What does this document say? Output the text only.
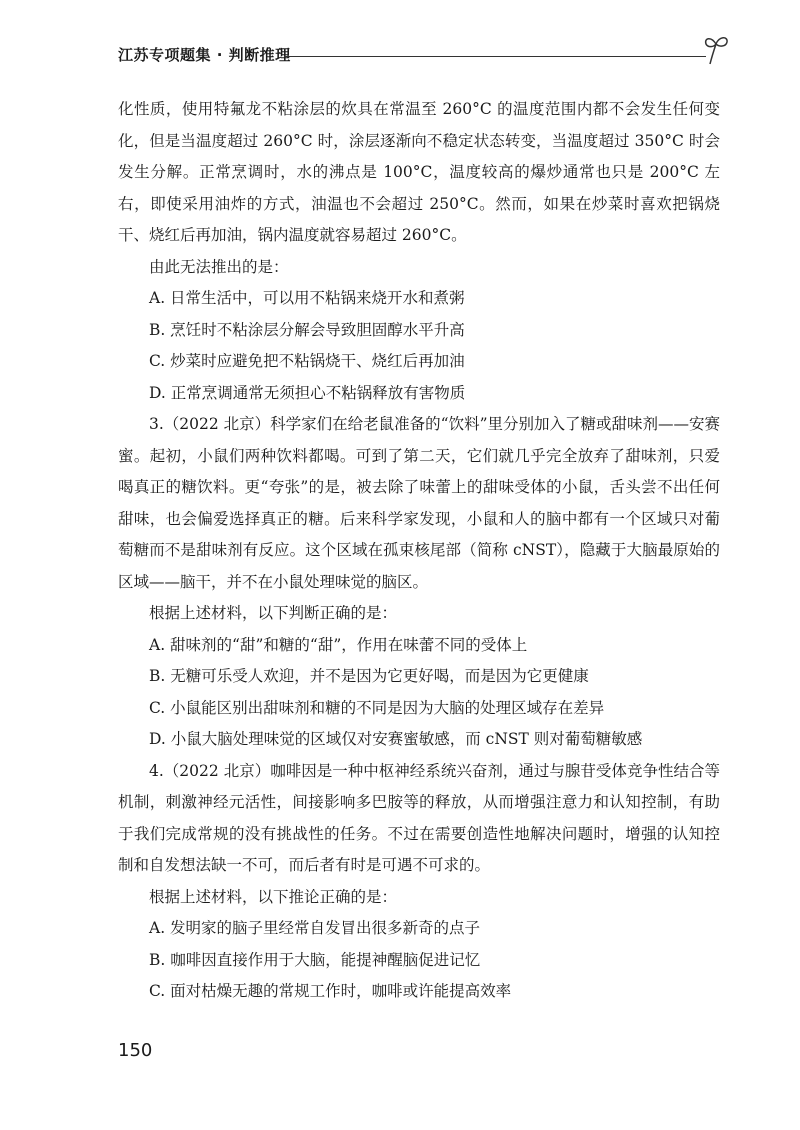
江苏专项题集 · 判断推理

化性质，使用特氟龙不粘涂层的炊具在常温至 260°C 的温度范围内都不会发生任何变化，但是当温度超过 260°C 时，涂层逐渐向不稳定状态转变，当温度超过 350°C 时会发生分解。正常烹调时，水的沸点是 100°C，温度较高的爆炒通常也只是 200°C 左右，即使采用油炸的方式，油温也不会超过 250°C。然而，如果在炒菜时喜欢把锅烧干、烧红后再加油，锅内温度就容易超过 260°C。

由此无法推出的是：

A. 日常生活中，可以用不粘锅来烧开水和煮粥

B. 烹饪时不粘涂层分解会导致胆固醇水平升高

C. 炒菜时应避免把不粘锅烧干、烧红后再加油

D. 正常烹调通常无须担心不粘锅释放有害物质

3.（2022 北京）科学家们在给老鼠准备的“饮料”里分别加入了糖或甜味剂——安赛蜜。起初，小鼠们两种饮料都喝。可到了第二天，它们就几乎完全放弃了甜味剂，只爱喝真正的糖饮料。更“夸张”的是，被去除了味蕾上的甜味受体的小鼠，舌头尝不出任何甜味，也会偏爱选择真正的糖。后来科学家发现，小鼠和人的脑中都有一个区域只对葡萄糖而不是甜味剂有反应。这个区域在孤束核尾部（简称 cNST），隐藏于大脑最原始的区域——脑干，并不在小鼠处理味觉的脑区。

根据上述材料，以下判断正确的是：

A. 甜味剂的“甜”和糖的“甜”，作用在味蕾不同的受体上

B. 无糖可乐受人欢迎，并不是因为它更好喝，而是因为它更健康

C. 小鼠能区别出甜味剂和糖的不同是因为大脑的处理区域存在差异

D. 小鼠大脑处理味觉的区域仅对安赛蜜敏感，而 cNST 则对葡萄糖敏感

4.（2022 北京）咖啡因是一种中枢神经系统兴奋剂，通过与腺苷受体竞争性结合等机制，刺激神经元活性，间接影响多巴胺等的释放，从而增强注意力和认知控制，有助于我们完成常规的没有挑战性的任务。不过在需要创造性地解决问题时，增强的认知控制和自发想法缺一不可，而后者有时是可遇不可求的。

根据上述材料，以下推论正确的是：

A. 发明家的脑子里经常自发冒出很多新奇的点子

B. 咖啡因直接作用于大脑，能提神醒脑促进记忆

C. 面对枯燥无趣的常规工作时，咖啡或许能提高效率

150
